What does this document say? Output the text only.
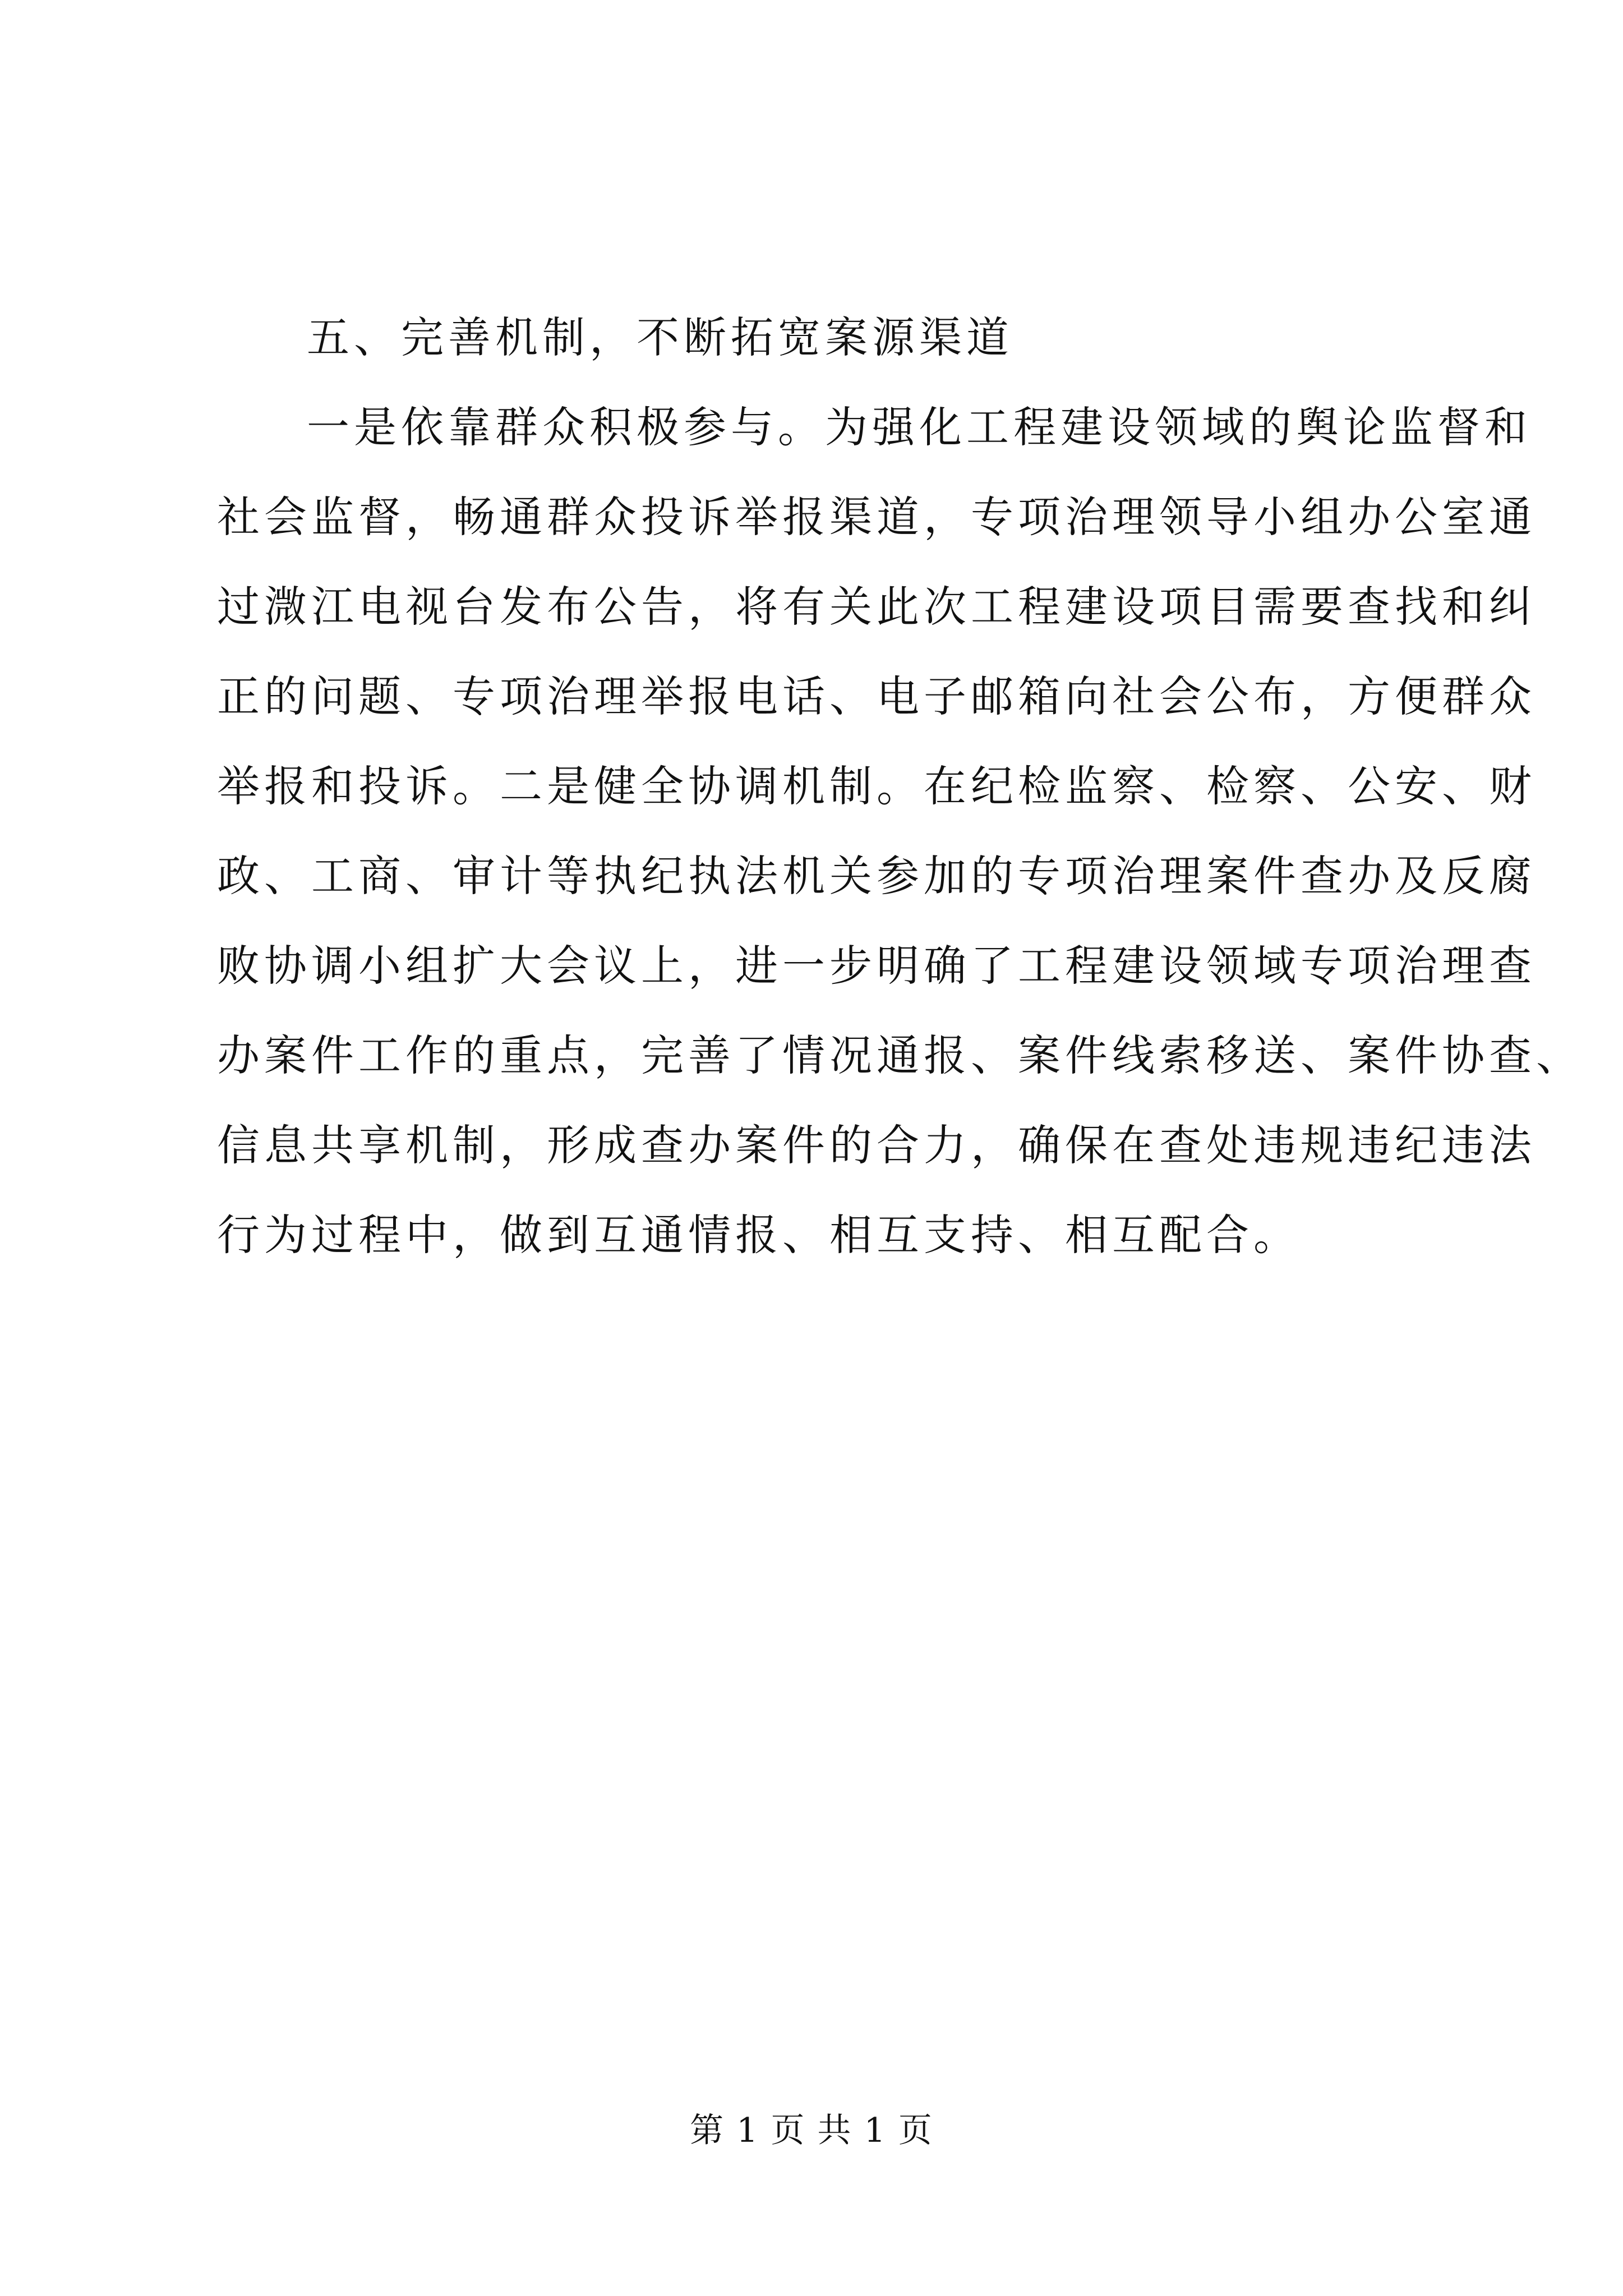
五、完善机制，不断拓宽案源渠道
一是依靠群众积极参与。为强化工程建设领域的舆论监督和
社会监督，畅通群众投诉举报渠道，专项治理领导小组办公室通
过溦江电视台发布公告，将有关此次工程建设项目需要查找和纠
正的问题、专项治理举报电话、电子邮箱向社会公布，方便群众
举报和投诉。二是健全协调机制。在纪检监察、检察、公安、财
政、工商、审计等执纪执法机关参加的专项治理案件查办及反腐
败协调小组扩大会议上，进一步明确了工程建设领域专项治理查
办案件工作的重点，完善了情况通报、案件线索移送、案件协查、
信息共享机制，形成查办案件的合力，确保在查处违规违纪违法
行为过程中，做到互通情报、相互支持、相互配合。
第 1 页 共 1 页
